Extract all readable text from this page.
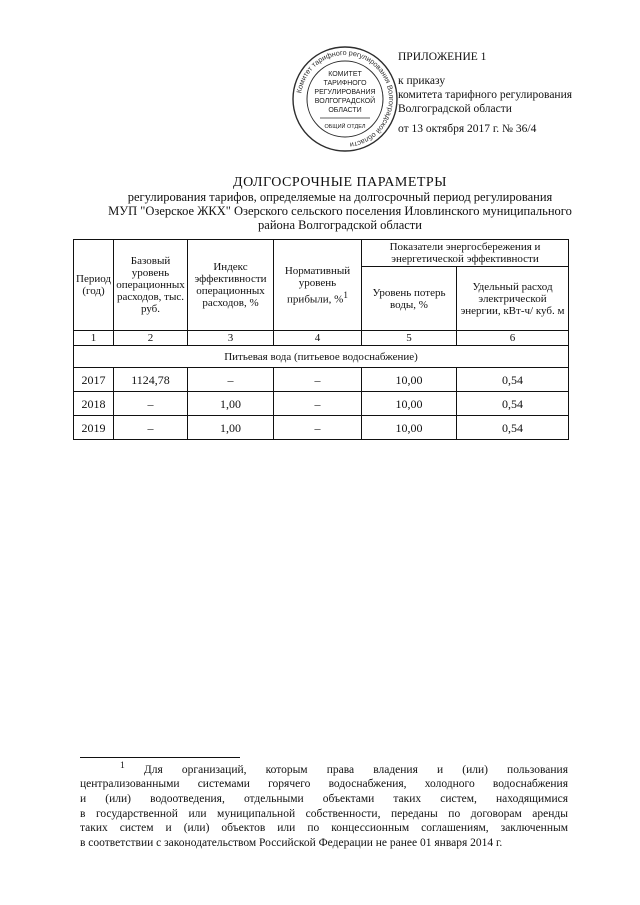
ПРИЛОЖЕНИЕ 1
к приказу
комитета тарифного регулирования
Волгоградской области
от 13 октября 2017 г. № 36/4
Комитет тарифного регулирования Волгоградской области
КОМИТЕТ
ТАРИФНОГО
РЕГУЛИРОВАНИЯ
ВОЛГОГРАДСКОЙ
ОБЛАСТИ
ОБЩИЙ ОТДЕЛ
ДОЛГОСРОЧНЫЕ ПАРАМЕТРЫ
регулирования тарифов, определяемые на долгосрочный период регулирования
МУП "Озерское ЖКХ" Озерского сельского поселения Иловлинского муниципального
района Волгоградской области
Период (год)	Базовый уровень операционных расходов, тыс. руб.	Индекс эффективности операционных расходов, %	Нормативный уровень прибыли, %$^1$	Показатели энергосбережения и энергетической эффективности	
				Уровень потерь воды, %	Удельный расход электрической энергии, кВт-ч/ куб. м
1	2	3	4	5	6
Питьевая вода (питьевое водоснабжение)					
2017	1124,78	–	–	10,00	0,54
2018	–	1,00	–	10,00	0,54
2019	–	1,00	–	10,00	0,54
$^1$ Для организаций, которым права владения и (или) пользования
централизованными системами горячего водоснабжения, холодного водоснабжения
и (или) водоотведения, отдельными объектами таких систем, находящимися
в государственной или муниципальной собственности, переданы по договорам аренды
таких систем и (или) объектов или по концессионным соглашениям, заключенным
в соответствии с законодательством Российской Федерации не ранее 01 января 2014 г.
